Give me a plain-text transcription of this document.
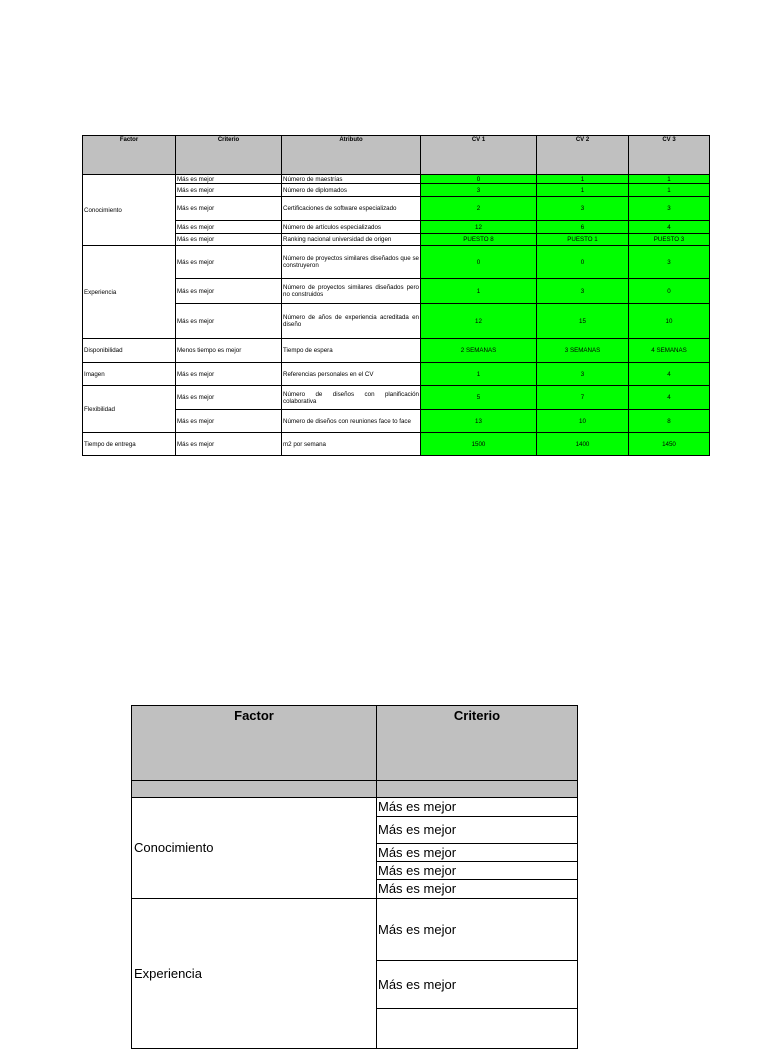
Factor	Criterio	Atributo	CV 1	CV 2	CV 3
Conocimiento	Más es mejor	Número de maestrías	0	1	1
	Más es mejor	Número de diplomados	3	1	1
	Más es mejor	Certificaciones de software especializado	2	3	3
	Más es mejor	Número de artículos especializados	12	6	4
	Más es mejor	Ranking nacional universidad de origen	PUESTO 8	PUESTO 1	PUESTO 3
Experiencia	Más es mejor	Número de proyectos similares diseñados que se construyeron	0	0	3
	Más es mejor	Número de proyectos similares diseñados pero no construidos	1	3	0
	Más es mejor	Número de años de experiencia acreditada en diseño	12	15	10
Disponibilidad	Menos tiempo es mejor	Tiempo de espera	2 SEMANAS	3 SEMANAS	4 SEMANAS
Imagen	Más es mejor	Referencias personales en el CV	1	3	4
Flexibilidad	Más es mejor	Número de diseños con planificación colaborativa	5	7	4
	Más es mejor	Número de diseños con reuniones face to face	13	10	8
Tiempo de entrega	Más es mejor	m2 por semana	1500	1400	1450
Factor	Criterio

Conocimiento	Más es mejor
	Más es mejor
	Más es mejor
	Más es mejor
	Más es mejor
Experiencia	Más es mejor
	Más es mejor
